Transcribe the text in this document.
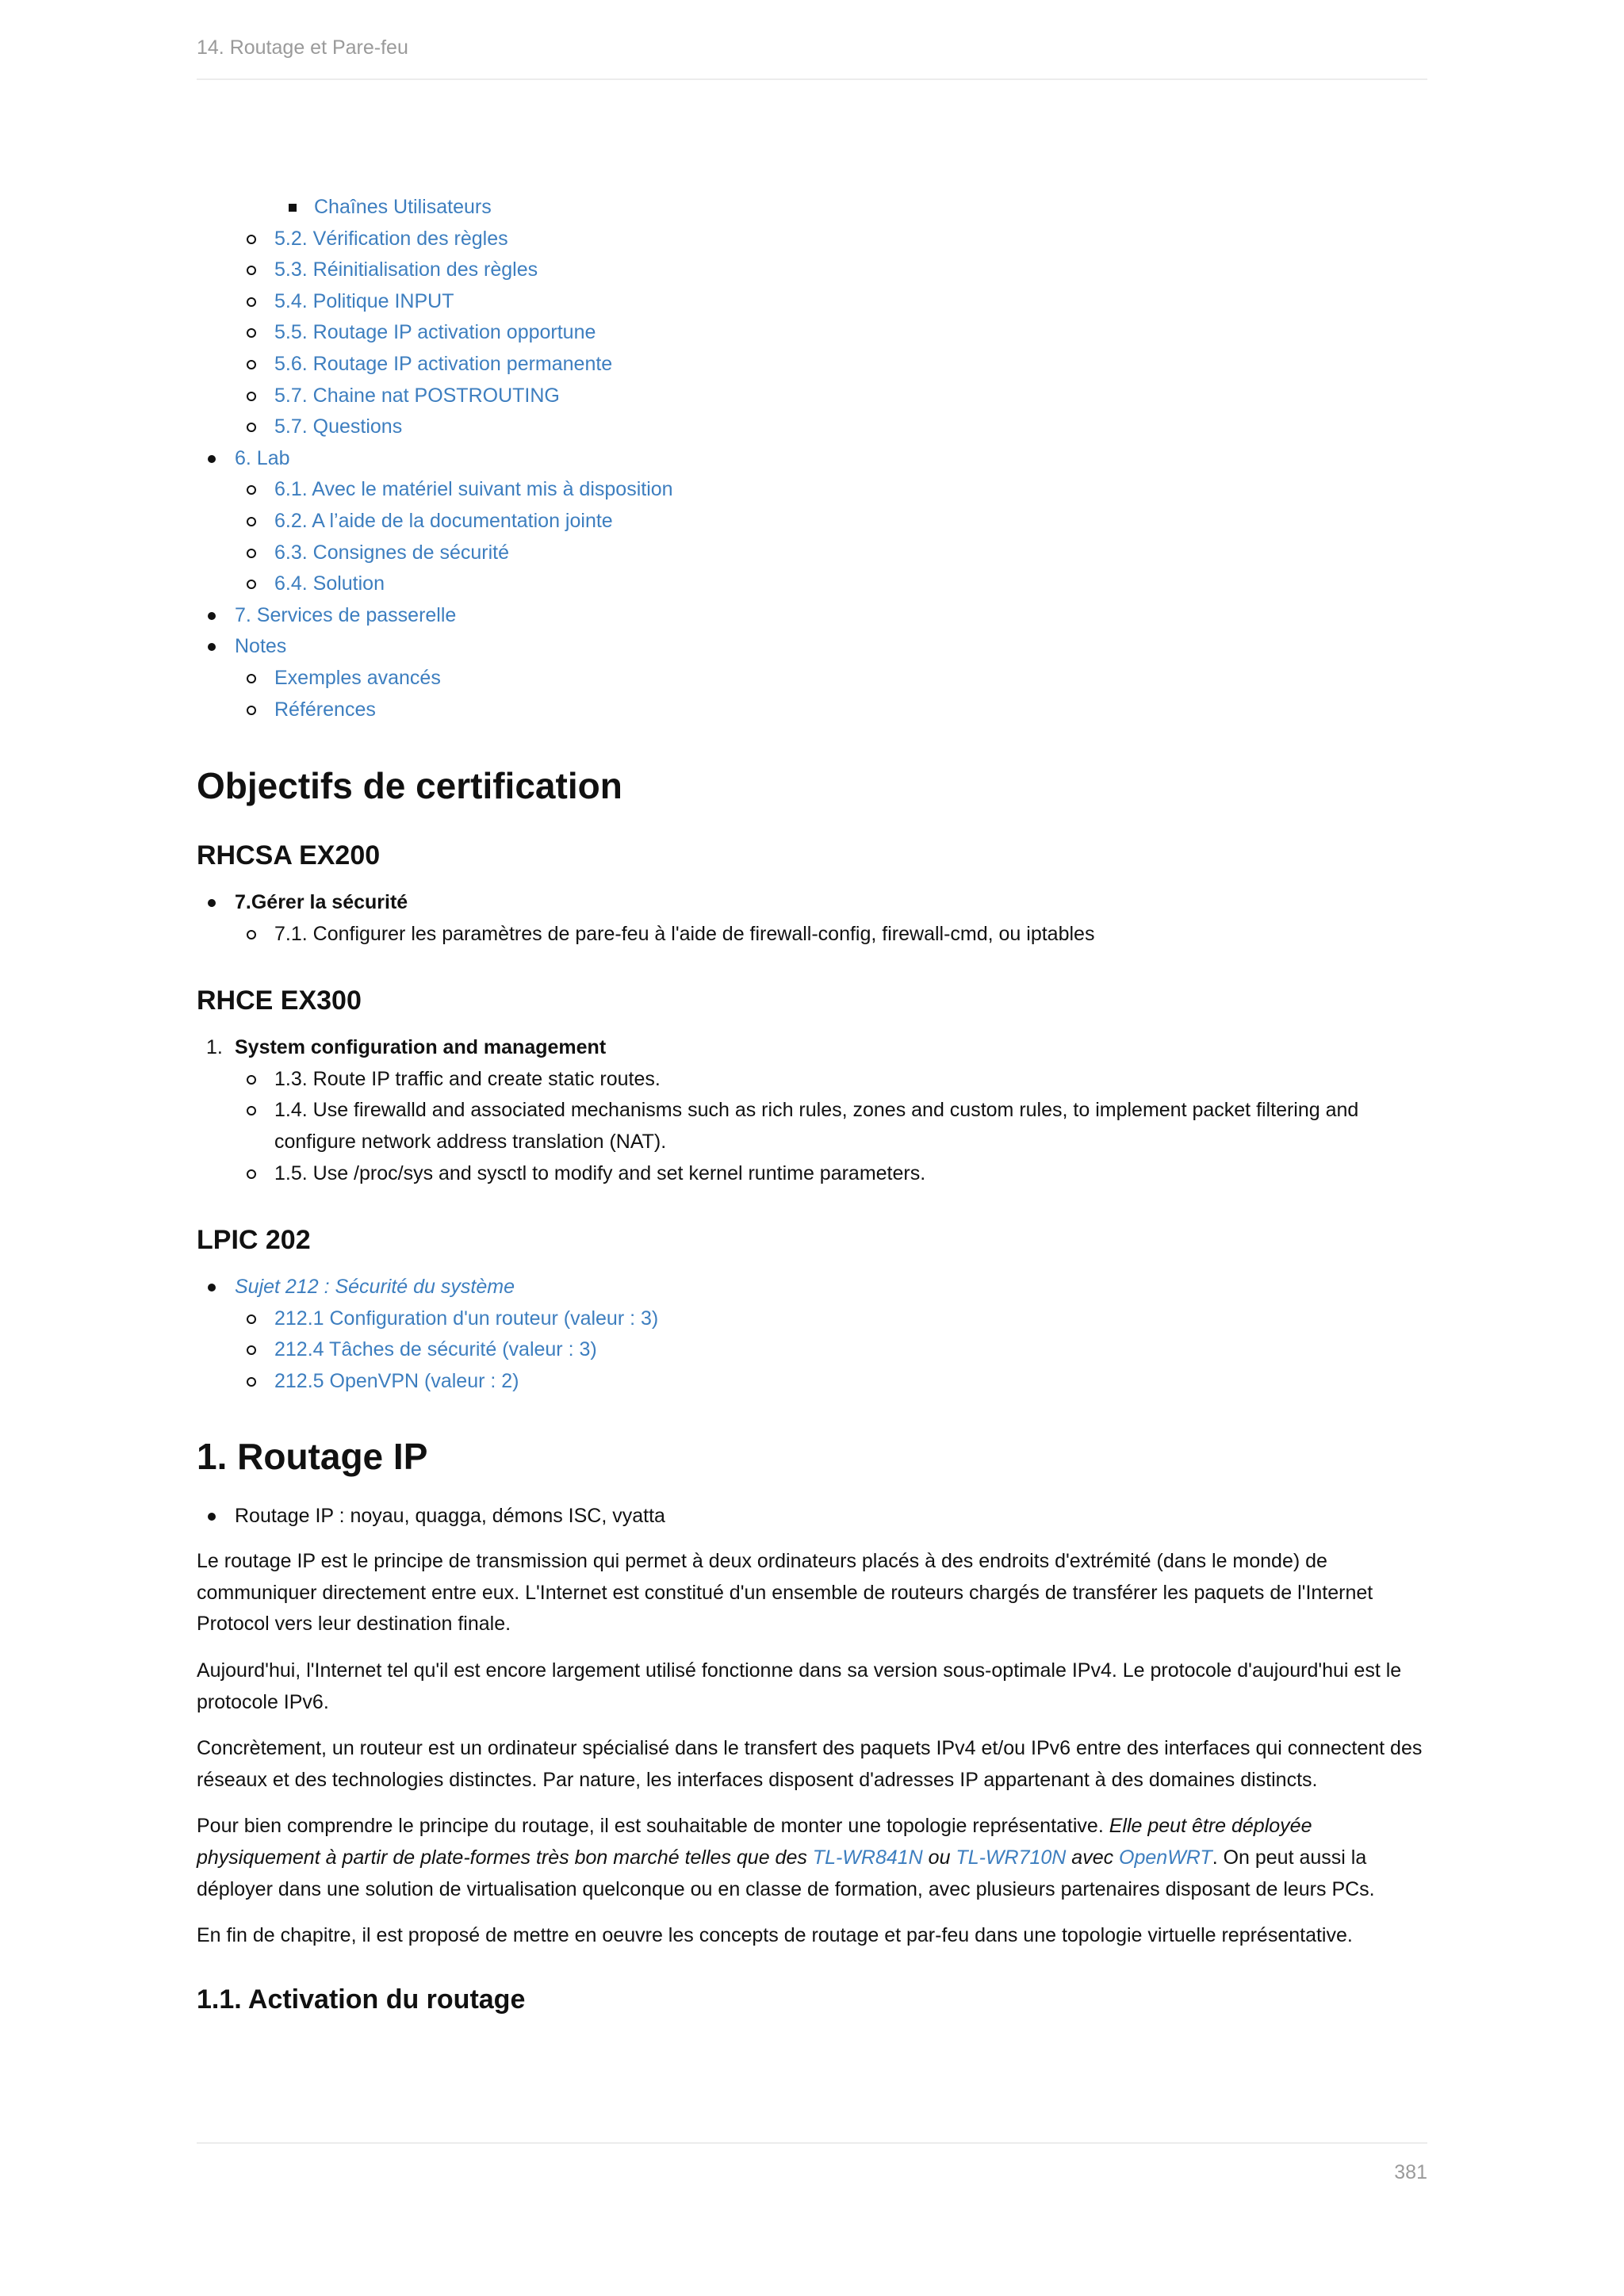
14. Routage et Pare-feu
Chaînes Utilisateurs
5.2. Vérification des règles
5.3. Réinitialisation des règles
5.4. Politique INPUT
5.5. Routage IP activation opportune
5.6. Routage IP activation permanente
5.7. Chaine nat POSTROUTING
5.7. Questions
6. Lab
6.1. Avec le matériel suivant mis à disposition
6.2. A l’aide de la documentation jointe
6.3. Consignes de sécurité
6.4. Solution
7. Services de passerelle
Notes
Exemples avancés
Références
Objectifs de certification
RHCSA EX200
7.Gérer la sécurité
7.1. Configurer les paramètres de pare-feu à l'aide de firewall-config, firewall-cmd, ou iptables
RHCE EX300
1. System configuration and management
1.3. Route IP traffic and create static routes.
1.4. Use firewalld and associated mechanisms such as rich rules, zones and custom rules, to implement packet filtering and configure network address translation (NAT).
1.5. Use /proc/sys and sysctl to modify and set kernel runtime parameters.
LPIC 202
Sujet 212 : Sécurité du système
212.1 Configuration d'un routeur (valeur : 3)
212.4 Tâches de sécurité (valeur : 3)
212.5 OpenVPN (valeur : 2)
1. Routage IP
Routage IP : noyau, quagga, démons ISC, vyatta

Le routage IP est le principe de transmission qui permet à deux ordinateurs placés à des endroits d'extrémité (dans le monde) de communiquer directement entre eux. L'Internet est constitué d'un ensemble de routeurs chargés de transférer les paquets de l'Internet Protocol vers leur destination finale.

Aujourd'hui, l'Internet tel qu'il est encore largement utilisé fonctionne dans sa version sous-optimale IPv4. Le protocole d'aujourd'hui est le protocole IPv6.

Concrètement, un routeur est un ordinateur spécialisé dans le transfert des paquets IPv4 et/ou IPv6 entre des interfaces qui connectent des réseaux et des technologies distinctes. Par nature, les interfaces disposent d'adresses IP appartenant à des domaines distincts.

Pour bien comprendre le principe du routage, il est souhaitable de monter une topologie représentative. Elle peut être déployée physiquement à partir de plate-formes très bon marché telles que des TL-WR841N ou TL-WR710N avec OpenWRT. On peut aussi la déployer dans une solution de virtualisation quelconque ou en classe de formation, avec plusieurs partenaires disposant de leurs PCs.

En fin de chapitre, il est proposé de mettre en oeuvre les concepts de routage et par-feu dans une topologie virtuelle représentative.

1.1. Activation du routage
381
